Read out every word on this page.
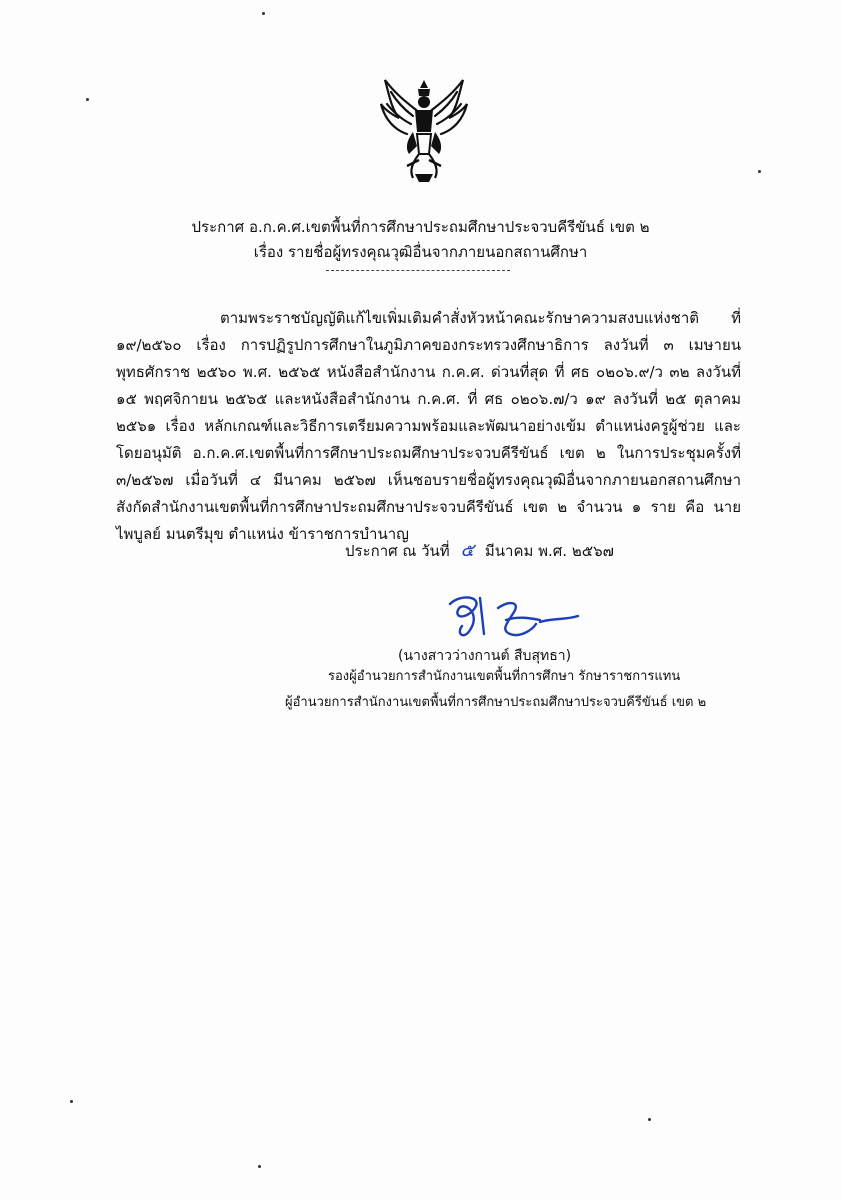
ประกาศ อ.ก.ค.ศ.เขตพื้นที่การศึกษาประถมศึกษาประจวบคีรีขันธ์ เขต ๒
เรื่อง รายชื่อผู้ทรงคุณวุฒิอื่นจากภายนอกสถานศึกษา
ตามพระราชบัญญัติแก้ไขเพิ่มเติมคำสั่งหัวหน้าคณะรักษาความสงบแห่งชาติ ที่ ๑๙/๒๕๖๐ เรื่อง การปฏิรูปการศึกษาในภูมิภาคของกระทรวงศึกษาธิการ ลงวันที่ ๓ เมษายน พุทธศักราช ๒๕๖๐ พ.ศ. ๒๕๖๕ หนังสือสำนักงาน ก.ค.ศ. ด่วนที่สุด ที่ ศธ ๐๒๐๖.๙/ว ๓๒ ลงวันที่ ๑๕ พฤศจิกายน ๒๕๖๕ และหนังสือสำนักงาน ก.ค.ศ. ที่ ศธ ๐๒๐๖.๗/ว ๑๙ ลงวันที่ ๒๕ ตุลาคม ๒๕๖๑ เรื่อง หลักเกณฑ์และวิธีการเตรียมความพร้อมและพัฒนาอย่างเข้ม ตำแหน่งครูผู้ช่วย และโดยอนุมัติ อ.ก.ค.ศ.เขตพื้นที่การศึกษาประถมศึกษาประจวบคีรีขันธ์ เขต ๒ ในการประชุมครั้งที่ ๓/๒๕๖๗ เมื่อวันที่ ๔ มีนาคม ๒๕๖๗ เห็นชอบรายชื่อผู้ทรงคุณวุฒิอื่นจากภายนอกสถานศึกษา สังกัดสำนักงานเขตพื้นที่การศึกษาประถมศึกษาประจวบคีรีขันธ์ เขต ๒ จำนวน ๑ ราย คือ นายไพบูลย์ มนตรีมุข ตำแหน่ง ข้าราชการบำนาญ
ประกาศ ณ วันที่ ๕ มีนาคม พ.ศ. ๒๕๖๗
(นางสาวว่างกานต์ สืบสุทธา)
รองผู้อำนวยการสำนักงานเขตพื้นที่การศึกษา รักษาราชการแทน
ผู้อำนวยการสำนักงานเขตพื้นที่การศึกษาประถมศึกษาประจวบคีรีขันธ์ เขต ๒
